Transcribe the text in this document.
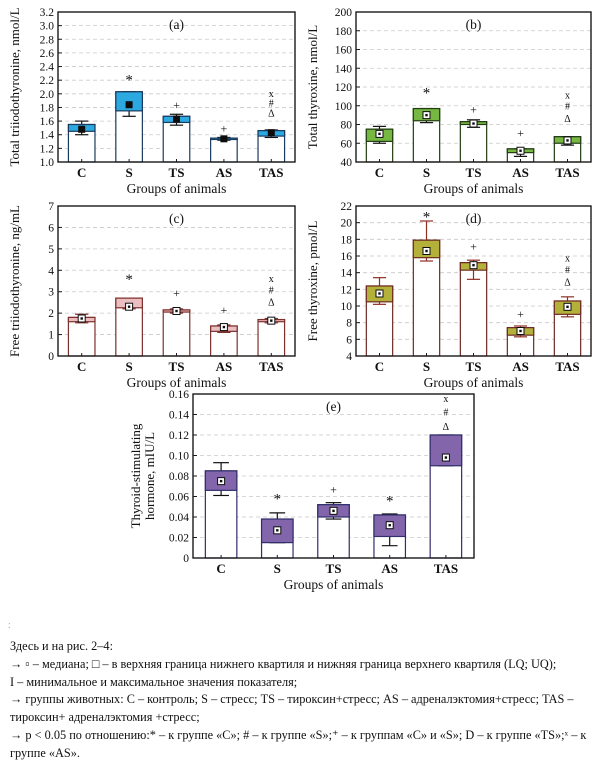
1.0
1.2
1.4
1.6
1.8
2.0
2.2
2.4
2.6
2.8
3.0
3.2
C
*
S
+
TS
+
AS
x
#
Δ
TAS
(a)
Groups of animals
Total triiodothyronine, nmol/L	40
60
80
100
120
140
160
180
200
C
*
S
+
TS
+
AS
x
#
Δ
TAS
(b)
Groups of animals
Total thyroxine, nmol/L
0
1
2
3
4
5
6
7
C
*
S
+
TS
+
AS
x
#
Δ
TAS
(c)
Groups of animals
Free triiodothyronine, ng/mL	4
6
8
10
12
14
16
18
20
22
C
*
S
+
TS
+
AS
x
#
Δ
TAS
(d)
Groups of animals
Free thyroxine, pmol/L
0
0.02
0.04
0.06
0.08
0.10
0.12
0.14
0.16
C
*
S
+
TS
*
AS
x
#
Δ
TAS
(e)
Groups of animals
Thyroid-stimulating hormone, mIU/L
:

Здесь и на рис. 2–4:

→ ▫ – медиана; □ – в верхняя граница нижнего квартиля и нижняя граница верхнего квартиля (LQ; UQ);

I – минимальное и максимальное значения показателя;

→ группы животных: C – контроль; S – стресс; TS – тироксин+стресс; AS – адреналэктомия+стресс; TAS – тироксин+ адреналэктомия +стресс;

→ p < 0.05 по отношению:* – к группе «C»; # – к группе «S»;⁺ – к группам «C» и «S»; D – к группе «TS»;ˣ – к группе «AS».
